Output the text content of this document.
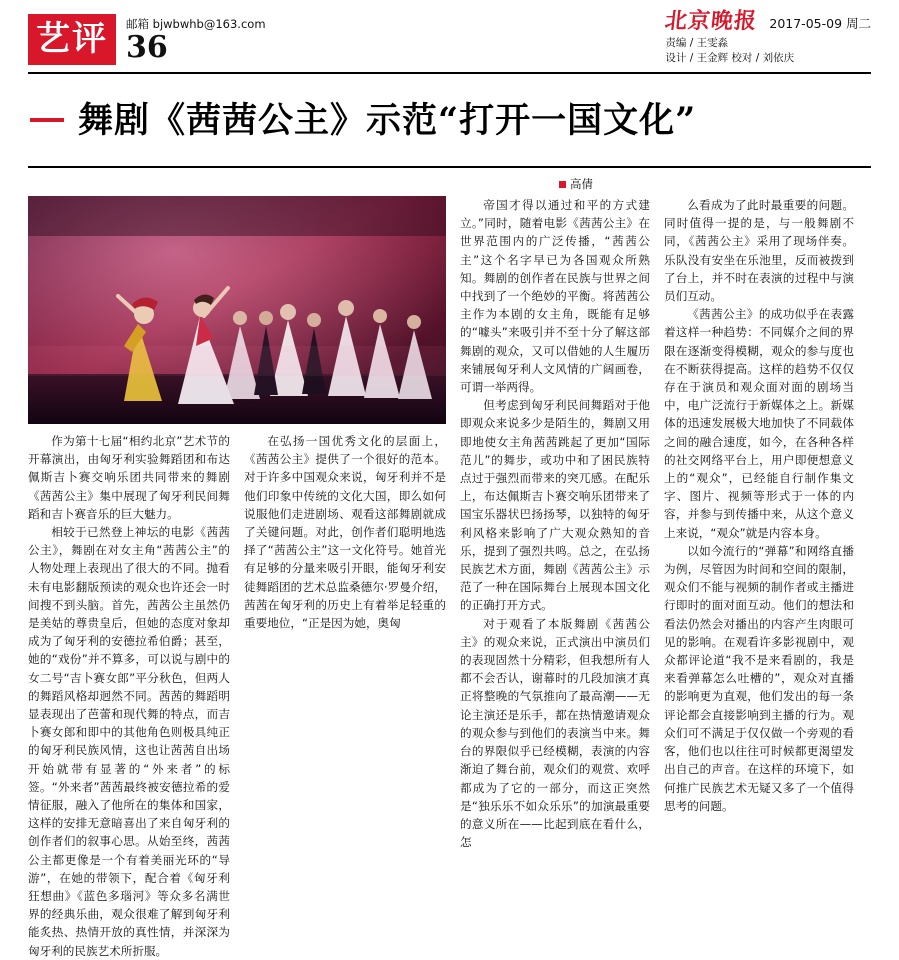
艺评	邮箱 bjwbwhb@163.com
36
北京晚报 2017-05-09 周二
责编 / 王雯淼
设计 / 王金辉 校对 / 刘依庆
舞剧《茜茜公主》示范“打开一国文化”
高倩

作为第十七届“相约北京”艺术节的开幕演出，由匈牙利实验舞蹈团和布达佩斯吉卜赛交响乐团共同带来的舞剧《茜茜公主》集中展现了匈牙利民间舞蹈和吉卜赛音乐的巨大魅力。

相较于已然登上神坛的电影《茜茜公主》，舞剧在对女主角“茜茜公主”的人物处理上表现出了很大的不同。抛看未有电影翻版预读的观众也许还会一时间搜不到头脑。首先，茜茜公主虽然仍是美姑的尊贵皇后，但她的态度对象却成为了匈牙利的安德拉希伯爵；甚至，她的“戏份”并不算多，可以说与剧中的女二号“吉卜赛女郎”平分秋色，但两人的舞蹈风格却迥然不同。茜茜的舞蹈明显表现出了芭蕾和现代舞的特点，而吉卜赛女郎和即中的其他角色则极具纯正的匈牙利民族风情，这也让茜茜自出场开始就带有显著的“外来者”的标签。“外来者”茜茜最终被安德拉希的爱情征服，融入了他所在的集体和国家，这样的安排无意暗喜出了来自匈牙利的创作者们的叙事心思。从始至终，茜茜公主都更像是一个有着美丽光环的“导游”，在她的带领下，配合着《匈牙利狂想曲》《蓝色多瑙河》等众多名满世界的经典乐曲，观众很难了解到匈牙利能炙热、热情开放的真性情，并深深为匈牙利的民族艺术所折服。

在弘扬一国优秀文化的层面上，《茜茜公主》提供了一个很好的范本。对于许多中国观众来说，匈牙利并不是他们印象中传统的文化大国，即么如何说服他们走进剧场、观看这部舞剧就成了关键问题。对此，创作者们聪明地选择了“茜茜公主”这一文化符号。她首光有足够的分量来吸引开眼，能匈牙利安徒舞蹈团的艺术总监桑德尔·罗曼介绍，茜茜在匈牙利的历史上有着举足轻重的重要地位，“正是因为她，奥匈

帝国才得以通过和平的方式建立。”同时，随着电影《茜茜公主》在世界范围内的广泛传播，“茜茜公主”这个名字早已为各国观众所熟知。舞剧的创作者在民族与世界之间中找到了一个绝妙的平衡。将茜茜公主作为本剧的女主角，既能有足够的“噱头”来吸引并不至十分了解这部舞剧的观众，又可以借她的人生履历来铺展匈牙利人文风情的广阔画卷，可谓一举两得。

但考虑到匈牙利民间舞蹈对于他即观众来说多少是陌生的，舞剧又用即地使女主角茜茜跳起了更加“国际范儿”的舞步，或功中和了困民族特点过于强烈而带来的突兀感。在配乐上，布达佩斯吉卜赛交响乐团带来了国宝乐器状巴扬扬琴，以独特的匈牙利风格来影响了广大观众熟知的音乐，提到了强烈共鸣。总之，在弘扬民族艺术方面，舞剧《茜茜公主》示范了一种在国际舞台上展现本国文化的正确打开方式。

对于观看了本版舞剧《茜茜公主》的观众来说，正式演出中演员们的表现固然十分精彩，但我想所有人都不会否认，谢幕时的几段加演才真正将整晚的气氛推向了最高潮——无论主演还是乐手，都在热情邀请观众的观众参与到他们的表演当中来。舞台的界限似乎已经模糊，表演的内容渐迫了舞台前，观众们的观赏、欢呼都成为了它的一部分，而这正突然是“独乐乐不如众乐乐”的加演最重要的意义所在——比起到底在看什么，怎

么看成为了此时最重要的问题。同时值得一提的是，与一般舞剧不同，《茜茜公主》采用了现场伴奏。乐队没有安坐在乐池里，反而被拨到了台上，并不时在表演的过程中与演员们互动。

《茜茜公主》的成功似乎在表露着这样一种趋势：不同媒介之间的界限在逐渐变得模糊，观众的参与度也在不断获得提高。这样的趋势不仅仅存在于演员和观众面对面的剧场当中，电广泛流行于新媒体之上。新媒体的迅速发展极大地加快了不同载体之间的融合速度，如今，在各种各样的社交网络平台上，用户即便想意义上的“观众”，已经能自行制作集文字、图片、视频等形式于一体的内容，并参与到传播中来，从这个意义上来说，“观众”就是内容本身。

以如今流行的“弹幕”和网络直播为例，尽管因为时间和空间的限制，观众们不能与视频的制作者或主播进行即时的面对面互动。他们的想法和看法仍然会对播出的内容产生肉眼可见的影响。在观看许多影视剧中，观众都评论道“我不是来看剧的，我是来看弹幕怎么吐槽的”，观众对直播的影响更为直观，他们发出的每一条评论都会直接影响到主播的行为。观众们可不满足于仅仅做一个旁观的看客，他们也以往往可时候都更渴望发出自己的声音。在这样的环境下，如何推广民族艺术无疑又多了一个值得思考的问题。
